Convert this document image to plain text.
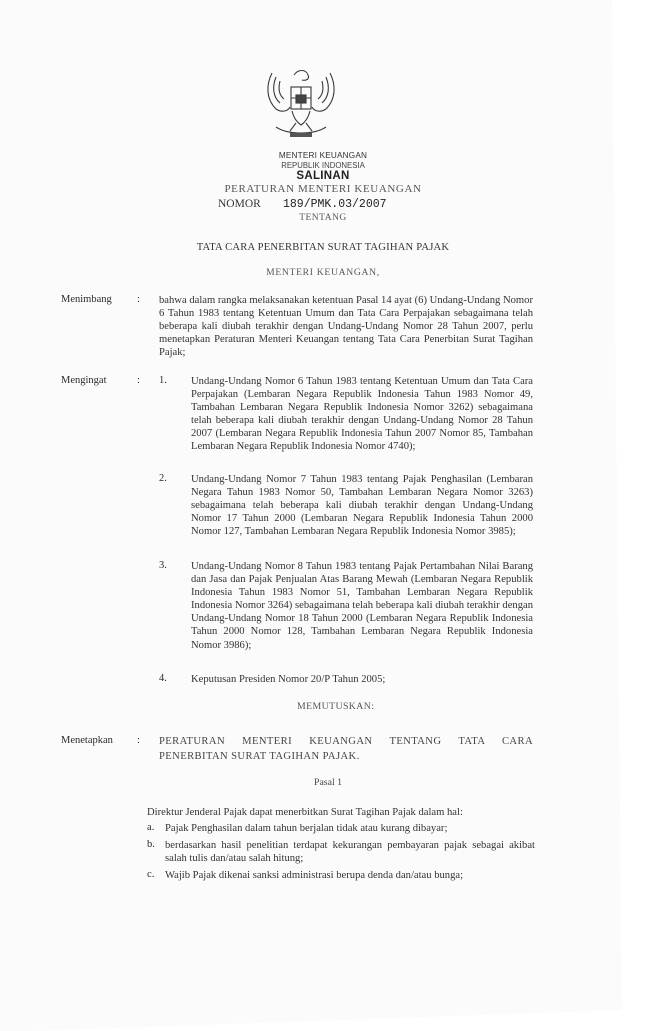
MENTERI KEUANGAN
REPUBLIK INDONESIA
SALINAN
PERATURAN MENTERI KEUANGAN
NOMOR 189/PMK.03/2007
TENTANG
TATA CARA PENERBITAN SURAT TAGIHAN PAJAK
MENTERI KEUANGAN,
Menimbang : bahwa dalam rangka melaksanakan ketentuan Pasal 14 ayat (6) Undang-Undang Nomor 6 Tahun 1983 tentang Ketentuan Umum dan Tata Cara Perpajakan sebagaimana telah beberapa kali diubah terakhir dengan Undang-Undang Nomor 28 Tahun 2007, perlu menetapkan Peraturan Menteri Keuangan tentang Tata Cara Penerbitan Surat Tagihan Pajak;
Mengingat	: 1. Undang-Undang Nomor 6 Tahun 1983 tentang Ketentuan Umum dan Tata Cara Perpajakan (Lembaran Negara Republik Indonesia Tahun 1983 Nomor 49, Tambahan Lembaran Negara Republik Indonesia Nomor 3262) sebagaimana telah beberapa kali diubah terakhir dengan Undang-Undang Nomor 28 Tahun 2007 (Lembaran Negara Republik Indonesia Tahun 2007 Nomor 85, Tambahan Lembaran Negara Republik Indonesia Nomor 4740);
2. Undang-Undang Nomor 7 Tahun 1983 tentang Pajak Penghasilan (Lembaran Negara Tahun 1983 Nomor 50, Tambahan Lembaran Negara Nomor 3263) sebagaimana telah beberapa kali diubah terakhir dengan Undang-Undang Nomor 17 Tahun 2000 (Lembaran Negara Republik Indonesia Tahun 2000 Nomor 127, Tambahan Lembaran Negara Republik Indonesia Nomor 3985);
3. Undang-Undang Nomor 8 Tahun 1983 tentang Pajak Pertambahan Nilai Barang dan Jasa dan Pajak Penjualan Atas Barang Mewah (Lembaran Negara Republik Indonesia Tahun 1983 Nomor 51, Tambahan Lembaran Negara Republik Indonesia Nomor 3264) sebagaimana telah beberapa kali diubah terakhir dengan Undang-Undang Nomor 18 Tahun 2000 (Lembaran Negara Republik Indonesia Tahun 2000 Nomor 128, Tambahan Lembaran Negara Republik Indonesia Nomor 3986);
4. Keputusan Presiden Nomor 20/P Tahun 2005;
MEMUTUSKAN:
Menetapkan : PERATURAN MENTERI KEUANGAN TENTANG TATA CARA PENERBITAN SURAT TAGIHAN PAJAK.
Pasal 1
Direktur Jenderal Pajak dapat menerbitkan Surat Tagihan Pajak dalam hal:
a. Pajak Penghasilan dalam tahun berjalan tidak atau kurang dibayar;
b. berdasarkan hasil penelitian terdapat kekurangan pembayaran pajak sebagai akibat salah tulis dan/atau salah hitung;
c. Wajib Pajak dikenai sanksi administrasi berupa denda dan/atau bunga;
